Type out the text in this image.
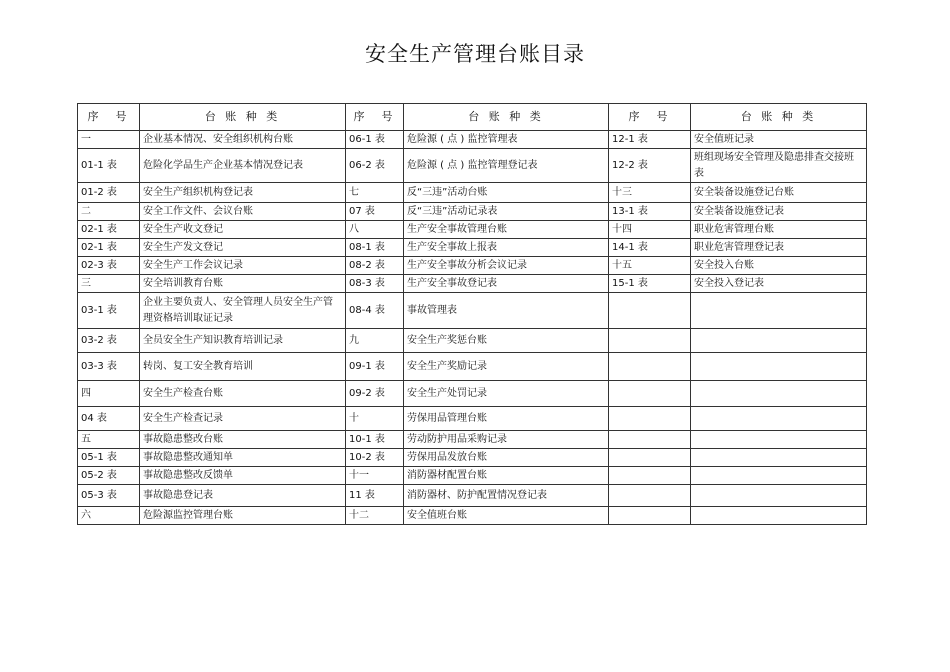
安全生产管理台账目录
序　号	台 账 种 类	序　号	台 账 种 类	序　号	台 账 种 类
一	企业基本情况、安全组织机构台账	06-1 表	危险源 ( 点 ) 监控管理表	12-1 表	安全值班记录
01-1 表	危险化学品生产企业基本情况登记表	06-2 表	危险源 ( 点 ) 监控管理登记表	12-2 表	班组现场安全管理及隐患排查交接班表
01-2 表	安全生产组织机构登记表	七	反“三违”活动台账	十三	安全装备设施登记台账
二	安全工作文件、会议台账	07 表	反“三违”活动记录表	13-1 表	安全装备设施登记表
02-1 表	安全生产收文登记	八	生产安全事故管理台账	十四	职业危害管理台账
02-1 表	安全生产发文登记	08-1 表	生产安全事故上报表	14-1 表	职业危害管理登记表
02-3 表	安全生产工作会议记录	08-2 表	生产安全事故分析会议记录	十五	安全投入台账
三	安全培训教育台账	08-3 表	生产安全事故登记表	15-1 表	安全投入登记表
03-1 表	企业主要负责人、安全管理人员安全生产管理资格培训取证记录	08-4 表	事故管理表		
03-2 表	全员安全生产知识教育培训记录	九	安全生产奖惩台账		
03-3 表	转岗、复工安全教育培训	09-1 表	安全生产奖励记录		
四	安全生产检查台账	09-2 表	安全生产处罚记录		
04 表	安全生产检查记录	十	劳保用品管理台账		
五	事故隐患整改台账	10-1 表	劳动防护用品采购记录		
05-1 表	事故隐患整改通知单	10-2 表	劳保用品发放台账		
05-2 表	事故隐患整改反馈单	十一	消防器材配置台账		
05-3 表	事故隐患登记表	11 表	消防器材、防护配置情况登记表		
六	危险源监控管理台账	十二	安全值班台账		
